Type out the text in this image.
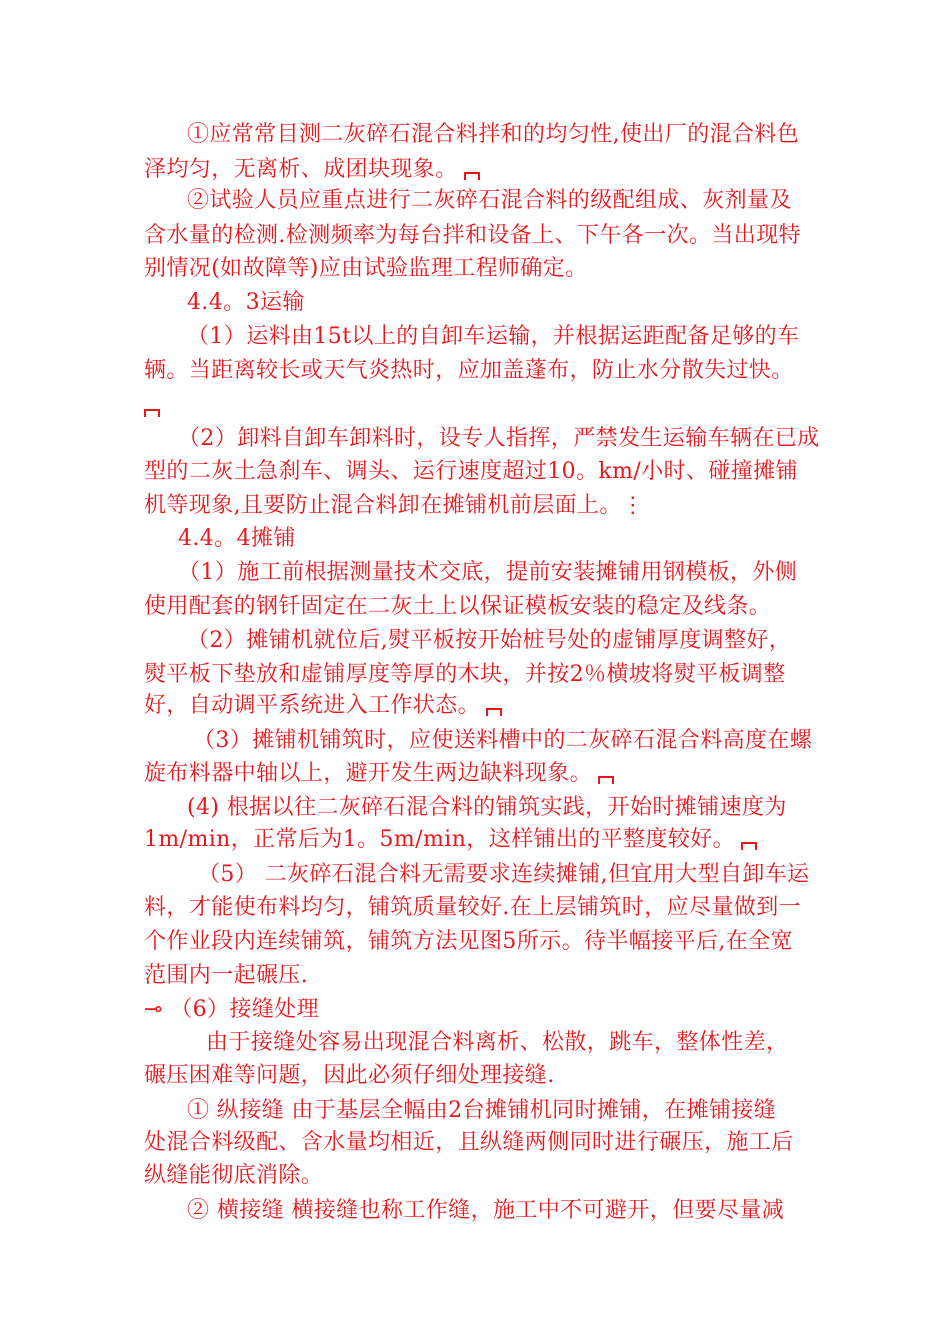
①应常常目测二灰碎石混合料拌和的均匀性,使出厂的混合料色
泽均匀，无离析、成团块现象。
②试验人员应重点进行二灰碎石混合料的级配组成、灰剂量及
含水量的检测.检测频率为每台拌和设备上、下午各一次。当出现特
别情况(如故障等)应由试验监理工程师确定。
4.4。3运输
（1）运料由15t以上的自卸车运输，并根据运距配备足够的车
辆。当距离较长或天气炎热时，应加盖蓬布，防止水分散失过快。
（2）卸料自卸车卸料时，设专人指挥，严禁发生运输车辆在已成
型的二灰土急刹车、调头、运行速度超过10。km/小时、碰撞摊铺
机等现象,且要防止混合料卸在摊铺机前层面上。⋮
4.4。4摊铺
（1）施工前根据测量技术交底，提前安装摊铺用钢模板，外侧
使用配套的钢钎固定在二灰土上以保证模板安装的稳定及线条。
（2）摊铺机就位后,熨平板按开始桩号处的虚铺厚度调整好，
熨平板下垫放和虚铺厚度等厚的木块，并按2％横坡将熨平板调整
好，自动调平系统进入工作状态。
（3）摊铺机铺筑时，应使送料槽中的二灰碎石混合料高度在螺
旋布料器中轴以上，避开发生两边缺料现象。
(4) 根据以往二灰碎石混合料的铺筑实践，开始时摊铺速度为
1m/min，正常后为1。5m/min，这样铺出的平整度较好。
（5） 二灰碎石混合料无需要求连续摊铺,但宜用大型自卸车运
料，才能使布料均匀，铺筑质量较好.在上层铺筑时，应尽量做到一
个作业段内连续铺筑，铺筑方法见图5所示。待半幅接平后,在全宽
范围内一起碾压.
⊸ （6）接缝处理
由于接缝处容易出现混合料离析、松散，跳车，整体性差，
碾压困难等问题，因此必须仔细处理接缝.
① 纵接缝 由于基层全幅由2台摊铺机同时摊铺，在摊铺接缝
处混合料级配、含水量均相近，且纵缝两侧同时进行碾压，施工后
纵缝能彻底消除。
② 横接缝 横接缝也称工作缝，施工中不可避开，但要尽量减
